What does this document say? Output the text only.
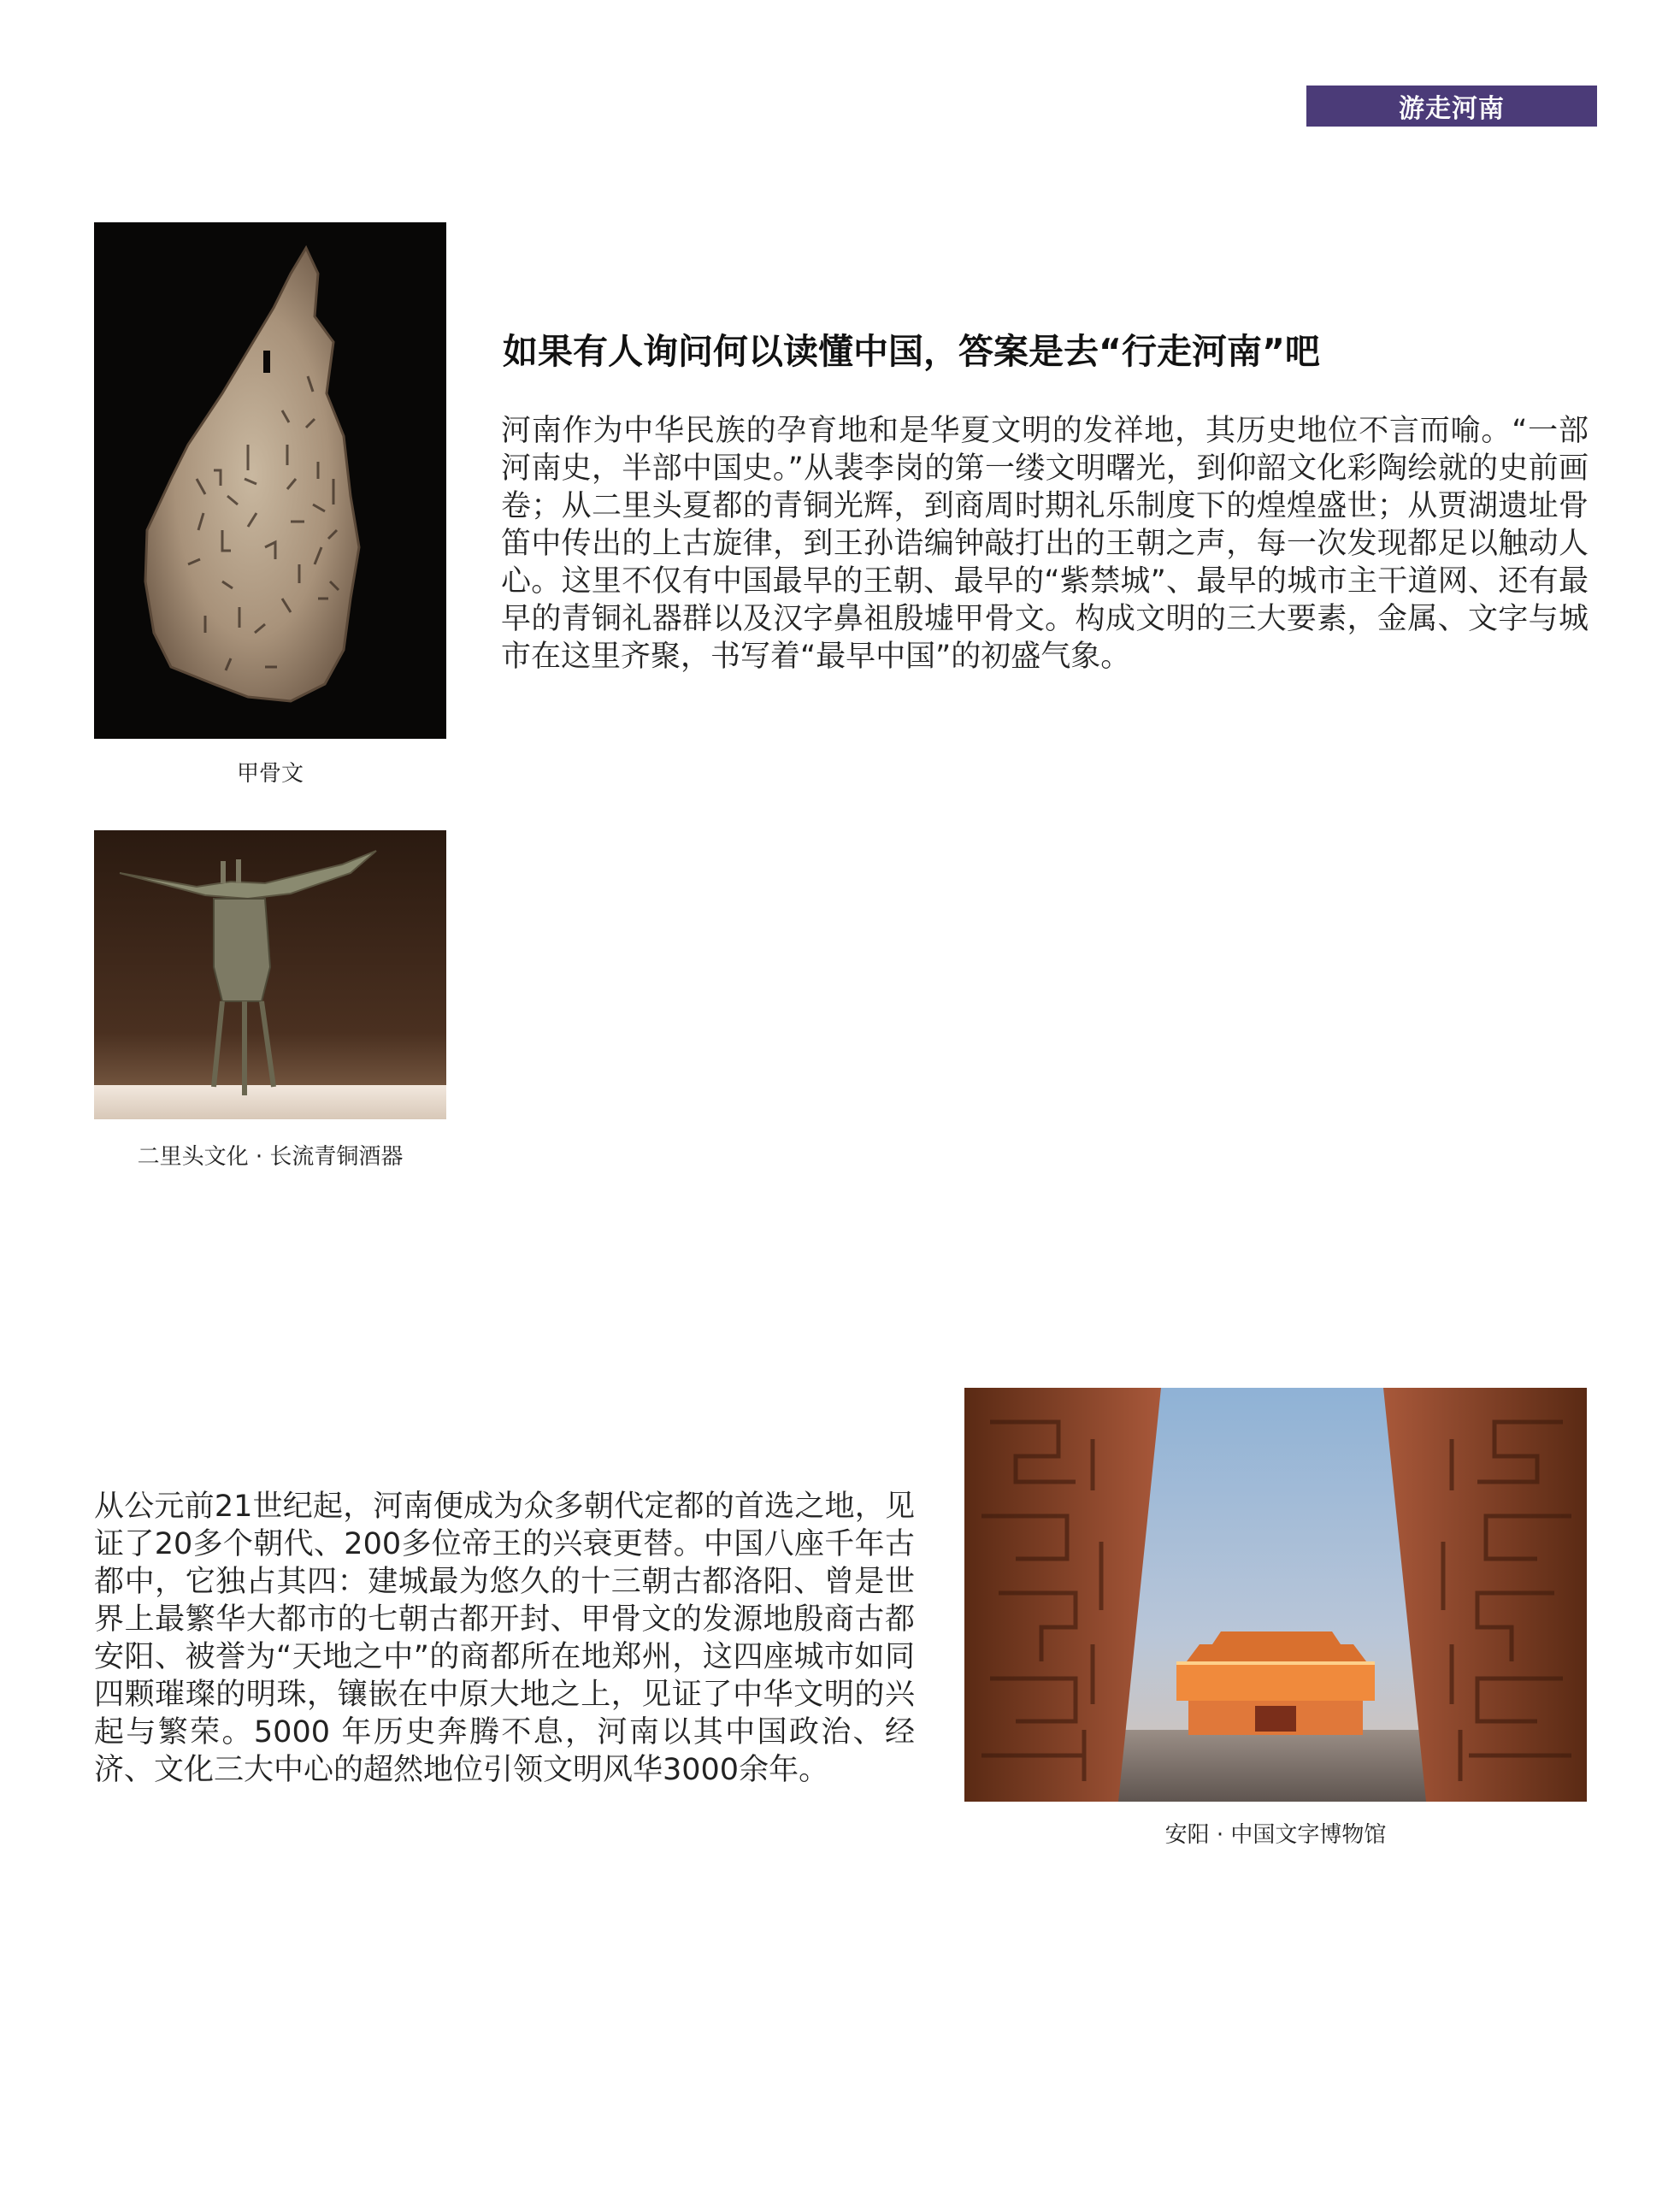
游走河南
甲骨文
二里头文化 · 长流青铜酒器
如果有人询问何以读懂中国，答案是去“行走河南”吧

河南作为中华民族的孕育地和是华夏文明的发祥地，其历史地位不言而喻。“一部河南史，半部中国史。”从裴李岗的第一缕文明曙光，到仰韶文化彩陶绘就的史前画卷；从二里头夏都的青铜光辉，到商周时期礼乐制度下的煌煌盛世；从贾湖遗址骨笛中传出的上古旋律，到王孙诰编钟敲打出的王朝之声，每一次发现都足以触动人心。这里不仅有中国最早的王朝、最早的“紫禁城”、最早的城市主干道网、还有最早的青铜礼器群以及汉字鼻祖殷墟甲骨文。构成文明的三大要素，金属、文字与城市在这里齐聚，书写着“最早中国”的初盛气象。

安阳 · 中国文字博物馆

从公元前21世纪起，河南便成为众多朝代定都的首选之地，见证了20多个朝代、200多位帝王的兴衰更替。中国八座千年古都中，它独占其四：建城最为悠久的十三朝古都洛阳、曾是世界上最繁华大都市的七朝古都开封、甲骨文的发源地殷商古都安阳、被誉为“天地之中”的商都所在地郑州，这四座城市如同四颗璀璨的明珠，镶嵌在中原大地之上，见证了中华文明的兴起与繁荣。5000 年历史奔腾不息，河南以其中国政治、经济、文化三大中心的超然地位引领文明风华3000余年。
